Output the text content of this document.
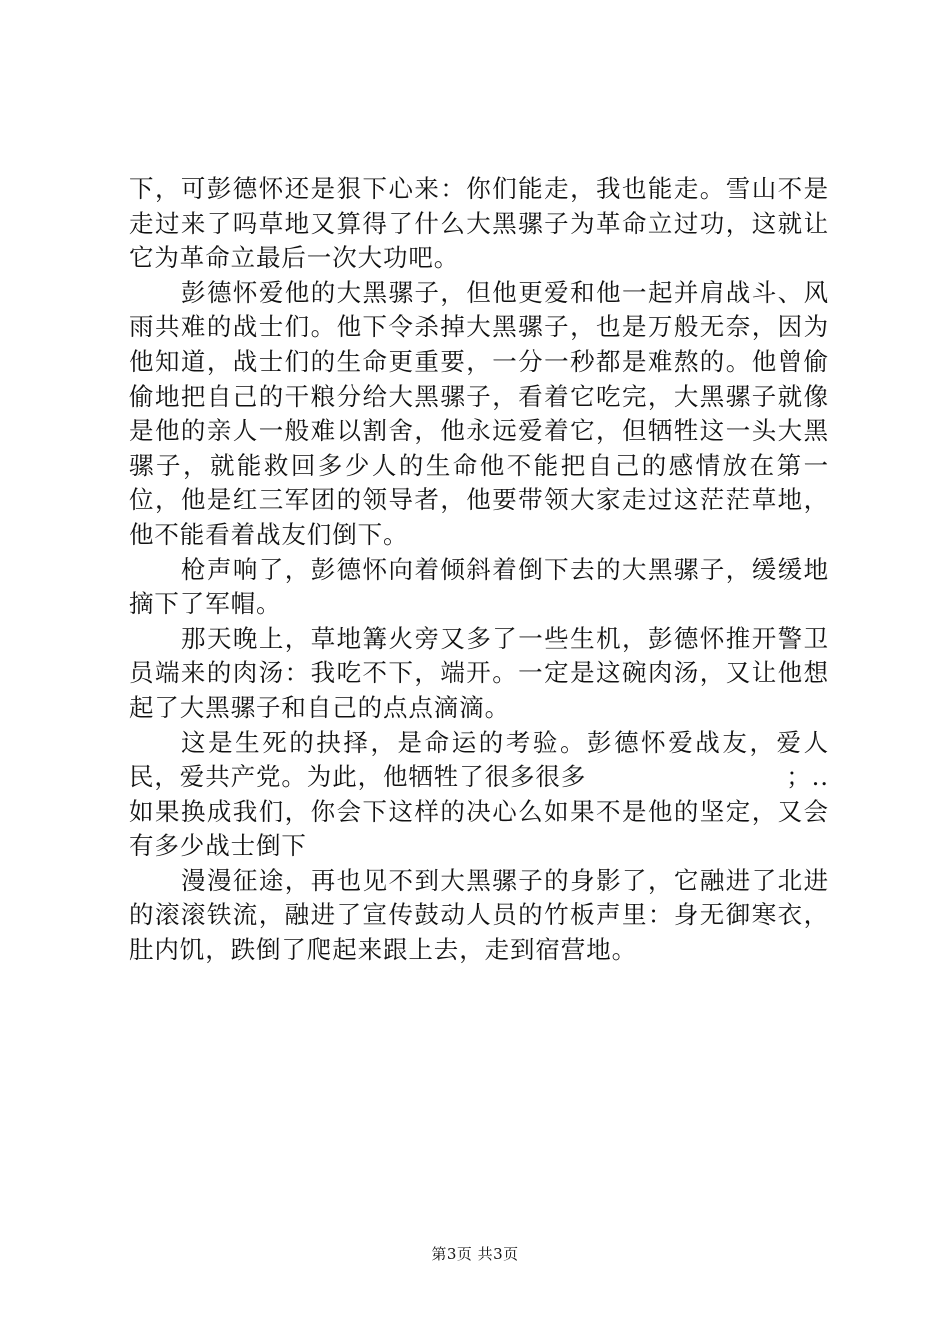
下，可彭德怀还是狠下心来：你们能走，我也能走。雪山不是走过来了吗草地又算得了什么大黑骡子为革命立过功，这就让它为革命立最后一次大功吧。

彭德怀爱他的大黑骡子，但他更爱和他一起并肩战斗、风雨共难的战士们。他下令杀掉大黑骡子，也是万般无奈，因为他知道，战士们的生命更重要，一分一秒都是难熬的。他曾偷偷地把自己的干粮分给大黑骡子，看着它吃完，大黑骡子就像是他的亲人一般难以割舍，他永远爱着它，但牺牲这一头大黑骡子，就能救回多少人的生命他不能把自己的感情放在第一位，他是红三军团的领导者，他要带领大家走过这茫茫草地，他不能看着战友们倒下。

枪声响了，彭德怀向着倾斜着倒下去的大黑骡子，缓缓地摘下了军帽。

那天晚上，草地篝火旁又多了一些生机，彭德怀推开警卫员端来的肉汤：我吃不下，端开。一定是这碗肉汤，又让他想起了大黑骡子和自己的点点滴滴。

这是生死的抉择，是命运的考验。彭德怀爱战友，爱人民，爱共产党。为此，他牺牲了很多很多	；..如果换成我们，你会下这样的决心么如果不是他的坚定，又会有多少战士倒下

漫漫征途，再也见不到大黑骡子的身影了，它融进了北进的滚滚铁流，融进了宣传鼓动人员的竹板声里：身无御寒衣，肚内饥，跌倒了爬起来跟上去，走到宿营地。

第3页 共3页
